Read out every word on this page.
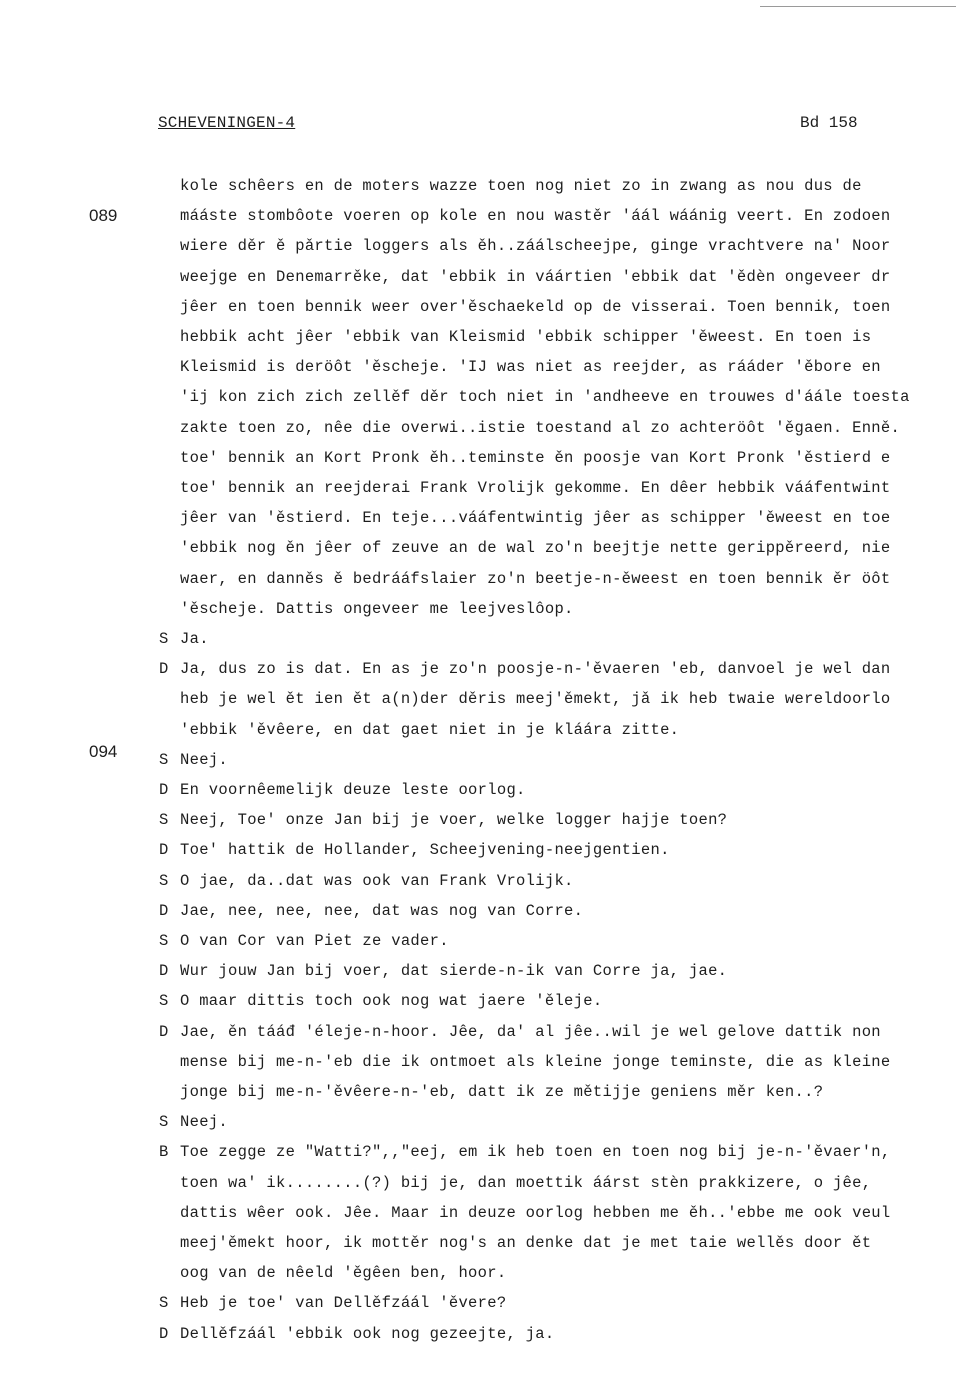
SCHEVENINGEN-4	Bd 158
089
094
kole schêers en de moters wazze toen nog niet zo in zwang as nou dus de
mááste stombôote voeren op kole en nou wastěr 'áál wáánig veert. En zodoen
wiere děr ě pǎrtie loggers als ěh..záálscheejpe, ginge vrachtvere na' Noor
weejge en Denemarrěke, dat 'ebbik in váártien 'ebbik dat 'ědèn ongeveer dr
jêer en toen bennik weer over'ěschaekeld op de visserai. Toen bennik, toen
hebbik acht jêer 'ebbik van Kleismid 'ebbik schipper 'ěweest. En toen is
Kleismid is deröôt 'ěscheje. 'IJ was niet as reejder, as rááder 'ěbore en
'ij kon zich zich zellěf děr toch niet in 'andheeve en trouwes d'áále toesta
zakte toen zo, nêe die overwi..istie toestand al zo achteröôt 'ěgaen. Enně.
toe' bennik an Kort Pronk ěh..teminste ěn poosje van Kort Pronk 'ěstierd e
toe' bennik an reejderai Frank Vrolijk gekomme. En dêer hebbik vááfentwint
jêer van 'ěstierd. En teje...vááfentwintig jêer as schipper 'ěweest en toe
'ebbik nog ěn jêer of zeuve an de wal zo'n beejtje nette gerippěreerd, nie
waer, en danněs ě bedrááfslaier zo'n beetje-n-ěweest en toen bennik ěr öôt
'ěscheje. Dattis ongeveer me leejveslôop.
S Ja.
D Ja, dus zo is dat. En as je zo'n poosje-n-'ěvaeren 'eb, danvoel je wel dan
heb je wel ět ien ět a(n)der děris meej'ěmekt, jǎ ik heb twaie wereldoorlo
'ebbik 'ěvêere, en dat gaet niet in je kláára zitte.
S Neej.
D En voornêemelijk deuze leste oorlog.
S Neej, Toe' onze Jan bij je voer, welke logger hajje toen?
D Toe' hattik de Hollander, Scheejvening-neejgentien.
S O jae, da..dat was ook van Frank Vrolijk.
D Jae, nee, nee, nee, dat was nog van Corre.
S O van Cor van Piet ze vader.
D Wur jouw Jan bij voer, dat sierde-n-ik van Corre ja, jae.
S O maar dittis toch ook nog wat jaere 'ěleje.
D Jae, ěn tááđ 'éleje-n-hoor. Jêe, da' al jêe..wil je wel gelove dattik non
mense bij me-n-'eb die ik ontmoet als kleine jonge teminste, die as kleine
jonge bij me-n-'ěvêere-n-'eb, datt ik ze mětijje geniens měr ken..?
S Neej.
B Toe zegge ze "Watti?",,"eej, em ik heb toen en toen nog bij je-n-'ěvaer'n,
toen wa' ik........(?) bij je, dan moettik áárst stèn prakkizere, o jêe,
dattis wêer ook. Jêe. Maar in deuze oorlog hebben me ěh..'ebbe me ook veul
meej'ěmekt hoor, ik mottěr nog's an denke dat je met taie wellěs door ět
oog van de nêeld 'ěgêen ben, hoor.
S Heb je toe' van Dellěfzáál 'ěvere?
D Dellěfzáál 'ebbik ook nog gezeejte, ja.
